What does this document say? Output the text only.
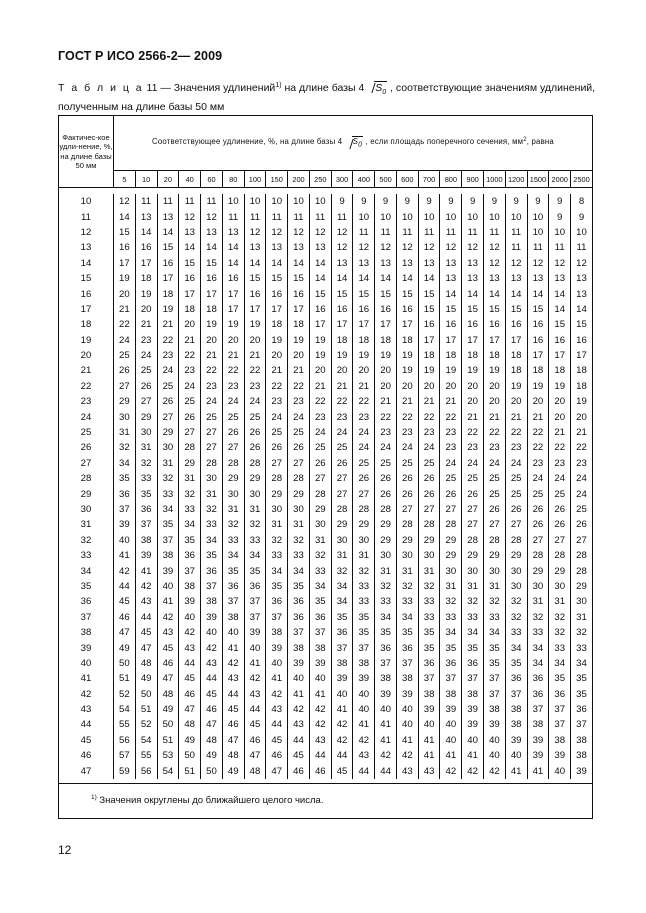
ГОСТ Р ИСО 2566-2— 2009
Т а б л и ц а 11 — Значения удлинений$^{1)}$ на длине базы 4 $S_0$ , соответствующие значениям удлинений, полученным на длине базы 50 мм
Фактичес-кое удли-нение, %, на длине базы 50 мм	Соответствующее удлинение, %, на длине базы 4 $S_0$ , если площадь поперечного сечения, $мм^2$, равна																					
	5	10	20	40	60	80	100	150	200	250	300	400	500	600	700	800	900	1000	1200	1500	2000	2500

10	12	11	11	11	11	10	10	10	10	10	9	9	9	9	9	9	9	9	9	9	9	8
11	14	13	13	12	12	11	11	11	11	11	11	10	10	10	10	10	10	10	10	10	9	9
12	15	14	14	13	13	13	12	12	12	12	12	11	11	11	11	11	11	11	11	10	10	10
13	16	16	15	14	14	14	13	13	13	13	12	12	12	12	12	12	12	12	11	11	11	11
14	17	17	16	15	15	14	14	14	14	14	13	13	13	13	13	13	13	12	12	12	12	12
15	19	18	17	16	16	16	15	15	15	14	14	14	14	14	14	13	13	13	13	13	13	13
16	20	19	18	17	17	17	16	16	16	15	15	15	15	15	15	14	14	14	14	14	14	13
17	21	20	19	18	18	17	17	17	17	16	16	16	16	16	15	15	15	15	15	15	14	14
18	22	21	21	20	19	19	19	18	18	17	17	17	17	17	16	16	16	16	16	16	15	15
19	24	23	22	21	20	20	20	19	19	19	18	18	18	18	17	17	17	17	17	16	16	16
20	25	24	23	22	21	21	21	20	20	19	19	19	19	19	18	18	18	18	18	17	17	17
21	26	25	24	23	22	22	22	21	21	20	20	20	20	19	19	19	19	19	18	18	18	18
22	27	26	25	24	23	23	23	22	22	21	21	21	20	20	20	20	20	20	19	19	19	18
23	29	27	26	25	24	24	24	23	23	22	22	22	21	21	21	21	20	20	20	20	20	19
24	30	29	27	26	25	25	25	24	24	23	23	23	22	22	22	22	21	21	21	21	20	20
25	31	30	29	27	27	26	26	25	25	24	24	24	23	23	23	23	22	22	22	22	21	21
26	32	31	30	28	27	27	26	26	26	25	25	24	24	24	24	23	23	23	23	22	22	22
27	34	32	31	29	28	28	28	27	27	26	26	25	25	25	25	24	24	24	24	23	23	23
28	35	33	32	31	30	29	29	28	28	27	27	26	26	26	26	25	25	25	25	24	24	24
29	36	35	33	32	31	30	30	29	29	28	27	27	26	26	26	26	26	25	25	25	25	24
30	37	36	34	33	32	31	31	30	30	29	28	28	28	27	27	27	27	26	26	26	26	25
31	39	37	35	34	33	32	32	31	31	30	29	29	29	28	28	28	27	27	27	26	26	26
32	40	38	37	35	34	33	33	32	32	31	30	30	29	29	29	29	28	28	28	27	27	27
33	41	39	38	36	35	34	34	33	33	32	31	31	30	30	30	29	29	29	29	28	28	28
34	42	41	39	37	36	35	35	34	34	33	32	32	31	31	31	30	30	30	30	29	29	28
35	44	42	40	38	37	36	36	35	35	34	34	33	32	32	32	31	31	31	30	30	30	29
36	45	43	41	39	38	37	37	36	36	35	34	33	33	33	33	32	32	32	32	31	31	30
37	46	44	42	40	39	38	37	37	36	36	35	35	34	34	33	33	33	33	32	32	32	31
38	47	45	43	42	40	40	39	38	37	37	36	35	35	35	35	34	34	34	33	33	32	32
39	49	47	45	43	42	41	40	39	38	38	37	37	36	36	35	35	35	35	34	34	33	33
40	50	48	46	44	43	42	41	40	39	39	38	38	37	37	36	36	36	35	35	34	34	34
41	51	49	47	45	44	43	42	41	40	40	39	39	38	38	37	37	37	37	36	36	35	35
42	52	50	48	46	45	44	43	42	41	41	40	40	39	39	38	38	38	37	37	36	36	35
43	54	51	49	47	46	45	44	43	42	42	41	40	40	40	39	39	39	38	38	37	37	36
44	55	52	50	48	47	46	45	44	43	42	42	41	41	40	40	40	39	39	38	38	37	37
45	56	54	51	49	48	47	46	45	44	43	42	42	41	41	41	40	40	40	39	39	38	38
46	57	55	53	50	49	48	47	46	45	44	44	43	42	42	41	41	41	40	40	39	39	38
47	59	56	54	51	50	49	48	47	46	46	45	44	44	43	43	42	42	42	41	41	40	39

$^{1)}$ Значения округлены до ближайшего целого числа.																						
12
